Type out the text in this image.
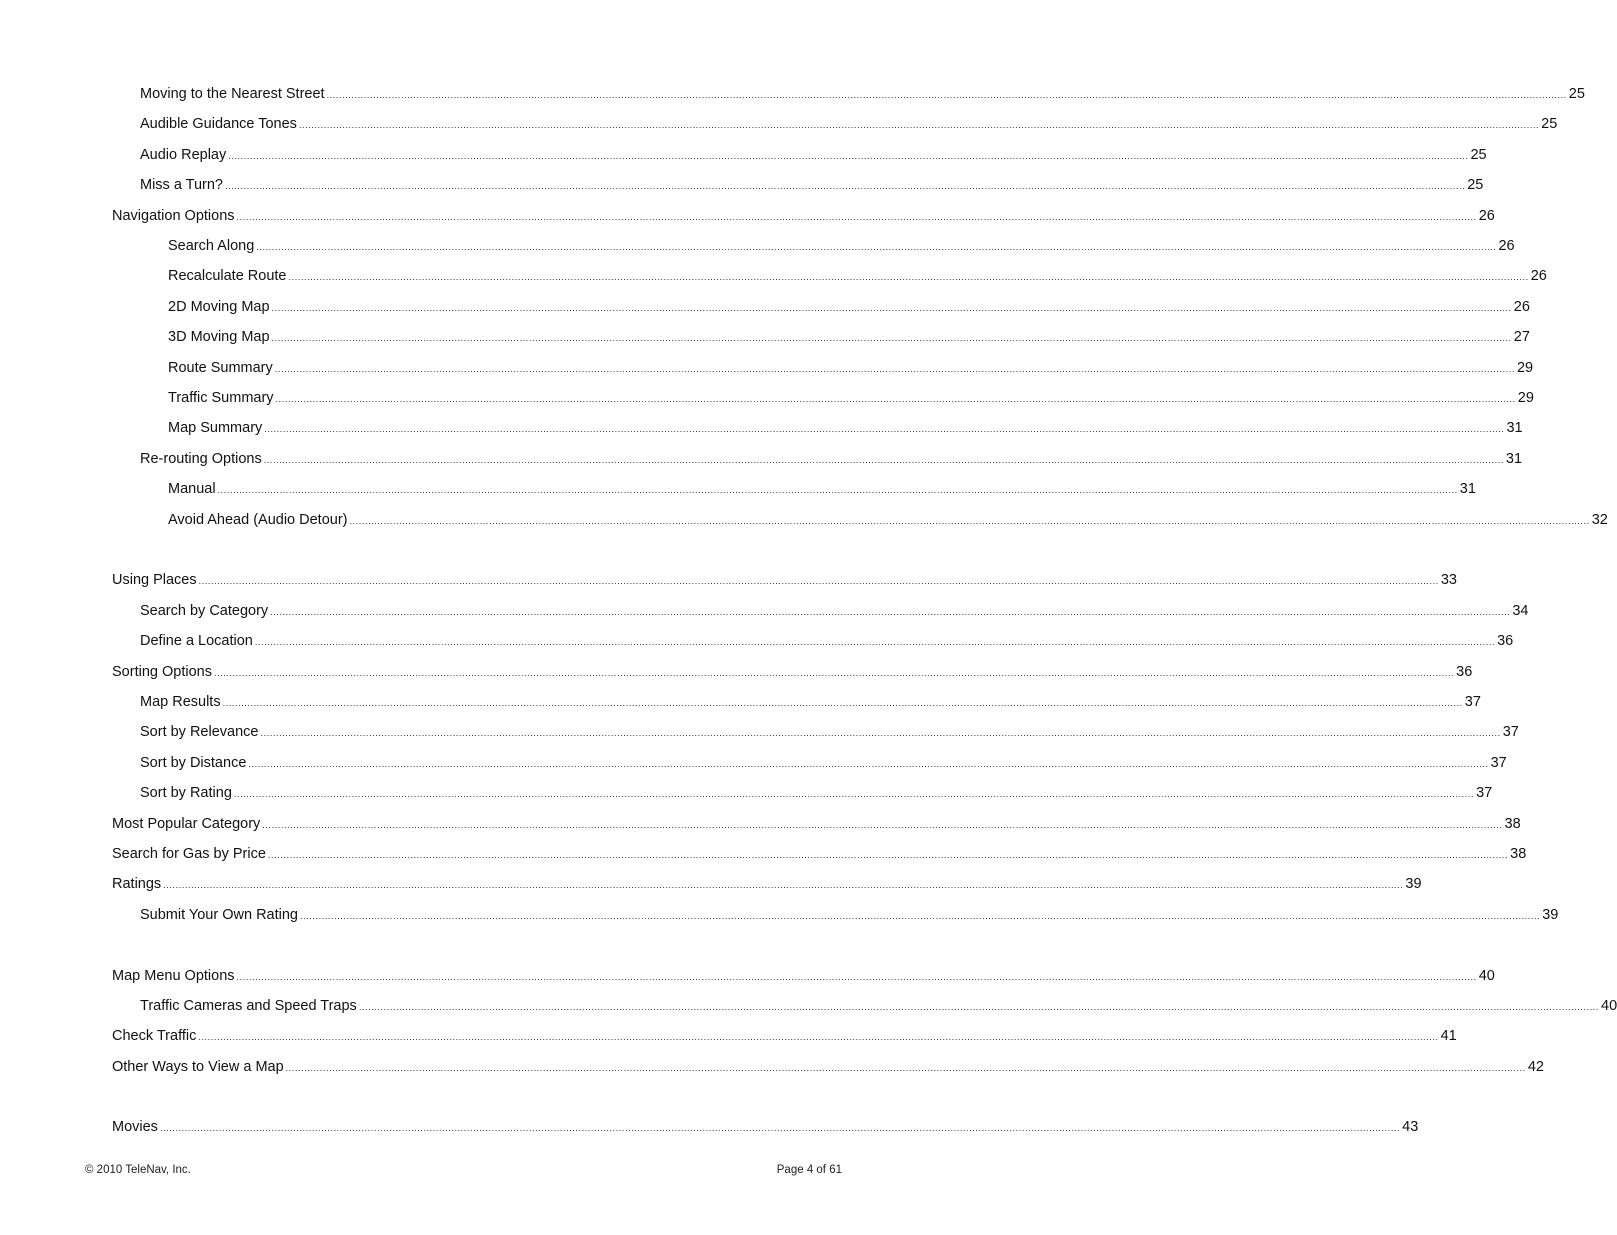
Moving to the Nearest Street ................................................................................................................................................................................................................................................................................................................................................................................................................ 25
Audible Guidance Tones ................................................................................................................................................................................................................................................................................................................................................................................................................ 25
Audio Replay ................................................................................................................................................................................................................................................................................................................................................................................................................ 25
Miss a Turn? ................................................................................................................................................................................................................................................................................................................................................................................................................ 25
Navigation Options ................................................................................................................................................................................................................................................................................................................................................................................................................ 26
Search Along ................................................................................................................................................................................................................................................................................................................................................................................................................ 26
Recalculate Route ................................................................................................................................................................................................................................................................................................................................................................................................................ 26
2D Moving Map ................................................................................................................................................................................................................................................................................................................................................................................................................ 26
3D Moving Map ................................................................................................................................................................................................................................................................................................................................................................................................................ 27
Route Summary ................................................................................................................................................................................................................................................................................................................................................................................................................ 29
Traffic Summary ................................................................................................................................................................................................................................................................................................................................................................................................................ 29
Map Summary ................................................................................................................................................................................................................................................................................................................................................................................................................ 31
Re-routing Options ................................................................................................................................................................................................................................................................................................................................................................................................................ 31
Manual ................................................................................................................................................................................................................................................................................................................................................................................................................ 31
Avoid Ahead (Audio Detour) ................................................................................................................................................................................................................................................................................................................................................................................................................ 32
Using Places ................................................................................................................................................................................................................................................................................................................................................................................................................ 33
Search by Category ................................................................................................................................................................................................................................................................................................................................................................................................................ 34
Define a Location ................................................................................................................................................................................................................................................................................................................................................................................................................ 36
Sorting Options ................................................................................................................................................................................................................................................................................................................................................................................................................ 36
Map Results ................................................................................................................................................................................................................................................................................................................................................................................................................ 37
Sort by Relevance ................................................................................................................................................................................................................................................................................................................................................................................................................ 37
Sort by Distance ................................................................................................................................................................................................................................................................................................................................................................................................................ 37
Sort by Rating ................................................................................................................................................................................................................................................................................................................................................................................................................ 37
Most Popular Category ................................................................................................................................................................................................................................................................................................................................................................................................................ 38
Search for Gas by Price ................................................................................................................................................................................................................................................................................................................................................................................................................ 38
Ratings ................................................................................................................................................................................................................................................................................................................................................................................................................ 39
Submit Your Own Rating ................................................................................................................................................................................................................................................................................................................................................................................................................ 39
Map Menu Options ................................................................................................................................................................................................................................................................................................................................................................................................................ 40
Traffic Cameras and Speed Traps ................................................................................................................................................................................................................................................................................................................................................................................................................ 40
Check Traffic ................................................................................................................................................................................................................................................................................................................................................................................................................ 41
Other Ways to View a Map ................................................................................................................................................................................................................................................................................................................................................................................................................ 42
Movies ................................................................................................................................................................................................................................................................................................................................................................................................................ 43
© 2010 TeleNav, Inc.	Page 4 of 61
